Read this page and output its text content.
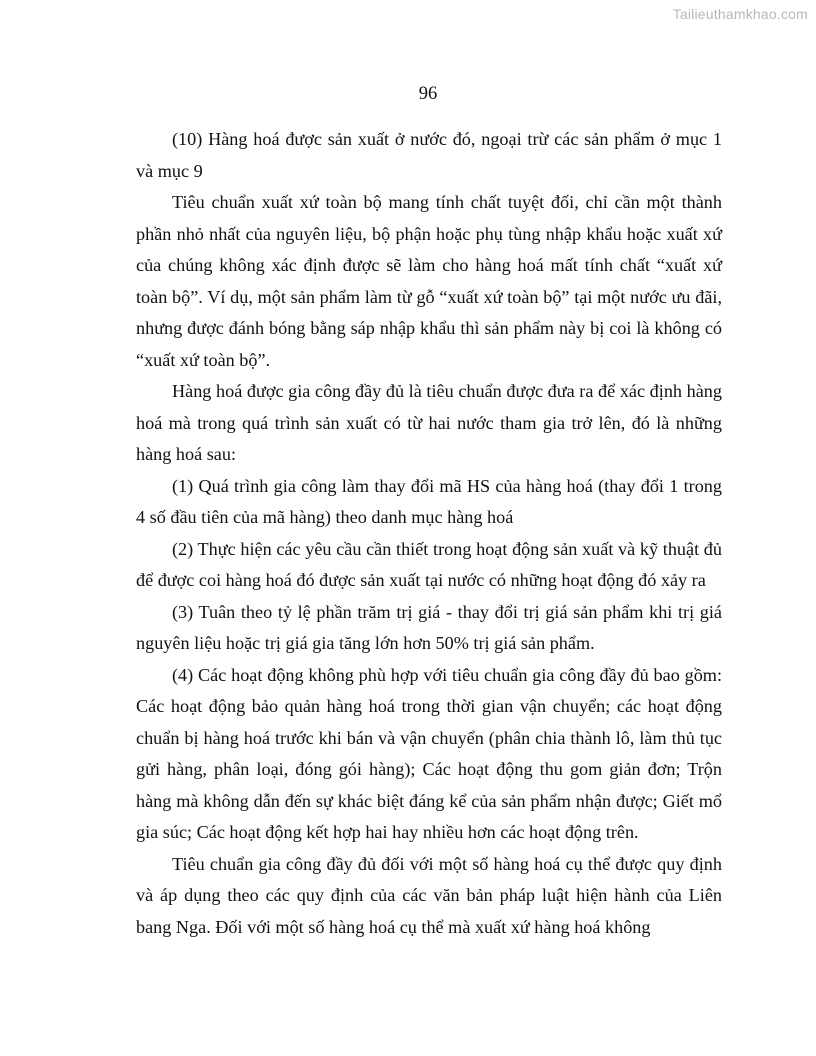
Tailieuthamkhao.com
96

(10) Hàng hoá được sản xuất ở nước đó, ngoại trừ các sản phẩm ở mục 1 và mục 9

Tiêu chuẩn xuất xứ toàn bộ mang tính chất tuyệt đối, chỉ cần một thành phần nhỏ nhất của nguyên liệu, bộ phận hoặc phụ tùng nhập khẩu hoặc xuất xứ của chúng không xác định được sẽ làm cho hàng hoá mất tính chất “xuất xứ toàn bộ”. Ví dụ, một sản phẩm làm từ gỗ “xuất xứ toàn bộ” tại một nước ưu đãi, nhưng được đánh bóng bằng sáp nhập khẩu thì sản phẩm này bị coi là không có “xuất xứ toàn bộ”.

Hàng hoá được gia công đầy đủ là tiêu chuẩn được đưa ra để xác định hàng hoá mà trong quá trình sản xuất có từ hai nước tham gia trở lên, đó là những hàng hoá sau:

(1) Quá trình gia công làm thay đổi mã HS của hàng hoá (thay đổi 1 trong 4 số đầu tiên của mã hàng) theo danh mục hàng hoá

(2) Thực hiện các yêu cầu cần thiết trong hoạt động sản xuất và kỹ thuật đủ để được coi hàng hoá đó được sản xuất tại nước có những hoạt động đó xảy ra

(3) Tuân theo tỷ lệ phần trăm trị giá - thay đổi trị giá sản phẩm khi trị giá nguyên liệu hoặc trị giá gia tăng lớn hơn 50% trị giá sản phẩm.

(4) Các hoạt động không phù hợp với tiêu chuẩn gia công đầy đủ bao gồm: Các hoạt động bảo quản hàng hoá trong thời gian vận chuyển; các hoạt động chuẩn bị hàng hoá trước khi bán và vận chuyển (phân chia thành lô, làm thủ tục gửi hàng, phân loại, đóng gói hàng); Các hoạt động thu gom giản đơn; Trộn hàng mà không dẫn đến sự khác biệt đáng kể của sản phẩm nhận được; Giết mổ gia súc; Các hoạt động kết hợp hai hay nhiều hơn các hoạt động trên.

Tiêu chuẩn gia công đầy đủ đối với một số hàng hoá cụ thể được quy định và áp dụng theo các quy định của các văn bản pháp luật hiện hành của Liên bang Nga. Đối với một số hàng hoá cụ thể mà xuất xứ hàng hoá không
